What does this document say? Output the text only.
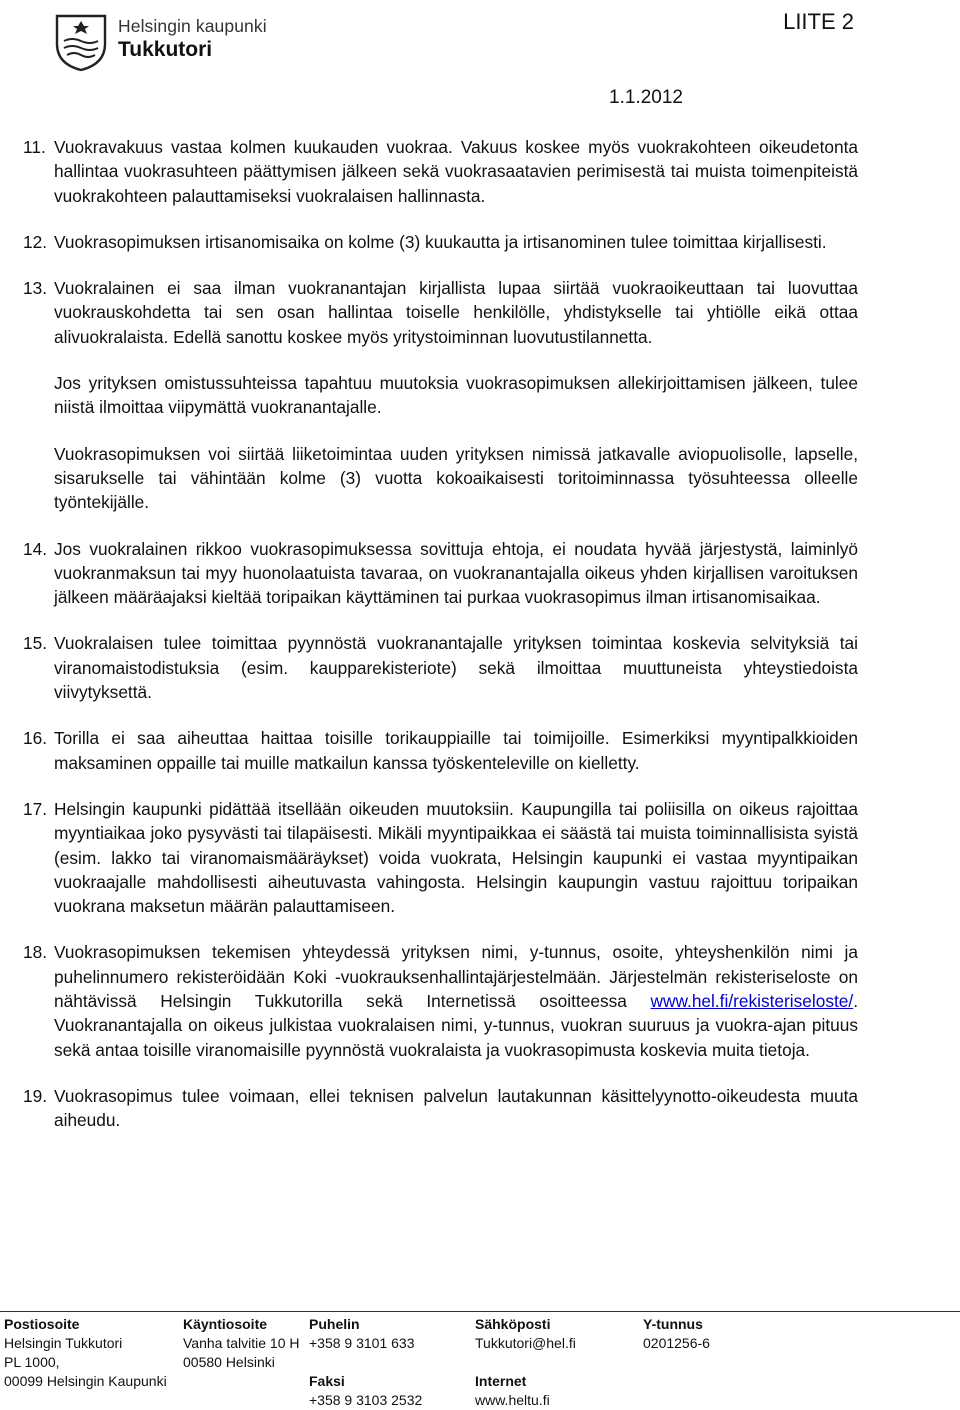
Helsingin kaupunki
Tukkutori
LIITE 2
1.1.2012
11. Vuokravakuus vastaa kolmen kuukauden vuokraa. Vakuus koskee myös vuokrakohteen oikeudetonta hallintaa vuokrasuhteen päättymisen jälkeen sekä vuokrasaatavien perimisestä tai muista toimenpiteistä vuokrakohteen palauttamiseksi vuokralaisen hallinnasta.

12. Vuokrasopimuksen irtisanomisaika on kolme (3) kuukautta ja irtisanominen tulee toimittaa kirjallisesti.

13. Vuokralainen ei saa ilman vuokranantajan kirjallista lupaa siirtää vuokraoikeuttaan tai luovuttaa vuokrauskohdetta tai sen osan hallintaa toiselle henkilölle, yhdistykselle tai yhtiölle eikä ottaa alivuokralaista. Edellä sanottu koskee myös yritystoiminnan luovutustilannetta.

Jos yrityksen omistussuhteissa tapahtuu muutoksia vuokrasopimuksen allekirjoittamisen jälkeen, tulee niistä ilmoittaa viipymättä vuokranantajalle.

Vuokrasopimuksen voi siirtää liiketoimintaa uuden yrityksen nimissä jatkavalle aviopuolisolle, lapselle, sisarukselle tai vähintään kolme (3) vuotta kokoaikaisesti toritoiminnassa työsuhteessa olleelle työntekijälle.

14. Jos vuokralainen rikkoo vuokrasopimuksessa sovittuja ehtoja, ei noudata hyvää järjestystä, laiminlyö vuokranmaksun tai myy huonolaatuista tavaraa, on vuokranantajalla oikeus yhden kirjallisen varoituksen jälkeen määräajaksi kieltää toripaikan käyttäminen tai purkaa vuokrasopimus ilman irtisanomisaikaa.

15. Vuokralaisen tulee toimittaa pyynnöstä vuokranantajalle yrityksen toimintaa koskevia selvityksiä tai viranomaistodistuksia (esim. kaupparekisteriote) sekä ilmoittaa muuttuneista yhteystiedoista viivytyksettä.

16. Torilla ei saa aiheuttaa haittaa toisille torikauppiaille tai toimijoille. Esimerkiksi myyntipalkkioiden maksaminen oppaille tai muille matkailun kanssa työskenteleville on kielletty.

17. Helsingin kaupunki pidättää itsellään oikeuden muutoksiin. Kaupungilla tai poliisilla on oikeus rajoittaa myyntiaikaa joko pysyvästi tai tilapäisesti. Mikäli myyntipaikkaa ei säästä tai muista toiminnallisista syistä (esim. lakko tai viranomaismääräykset) voida vuokrata, Helsingin kaupunki ei vastaa myyntipaikan vuokraajalle mahdollisesti aiheutuvasta vahingosta. Helsingin kaupungin vastuu rajoittuu toripaikan vuokrana maksetun määrän palauttamiseen.

18. Vuokrasopimuksen tekemisen yhteydessä yrityksen nimi, y-tunnus, osoite, yhteyshenkilön nimi ja puhelinnumero rekisteröidään Koki -vuokrauksenhallintajärjestelmään. Järjestelmän rekisteriseloste on nähtävissä Helsingin Tukkutorilla sekä Internetissä osoitteessa www.hel.fi/rekisteriseloste/. Vuokranantajalla on oikeus julkistaa vuokralaisen nimi, y-tunnus, vuokran suuruus ja vuokra-ajan pituus sekä antaa toisille viranomaisille pyynnöstä vuokralaista ja vuokrasopimusta koskevia muita tietoja.

19. Vuokrasopimus tulee voimaan, ellei teknisen palvelun lautakunnan käsittelyynotto-oikeudesta muuta aiheudu.

Postiosoite
Helsingin Tukkutori
PL 1000,
00099 Helsingin Kaupunki
Käyntiosoite
Vanha talvitie 10 H
00580 Helsinki
Puhelin
+358 9 3101 633
Faksi
+358 9 3103 2532
Sähköposti
Tukkutori@hel.fi
Internet
www.heltu.fi
Y-tunnus
0201256-6
